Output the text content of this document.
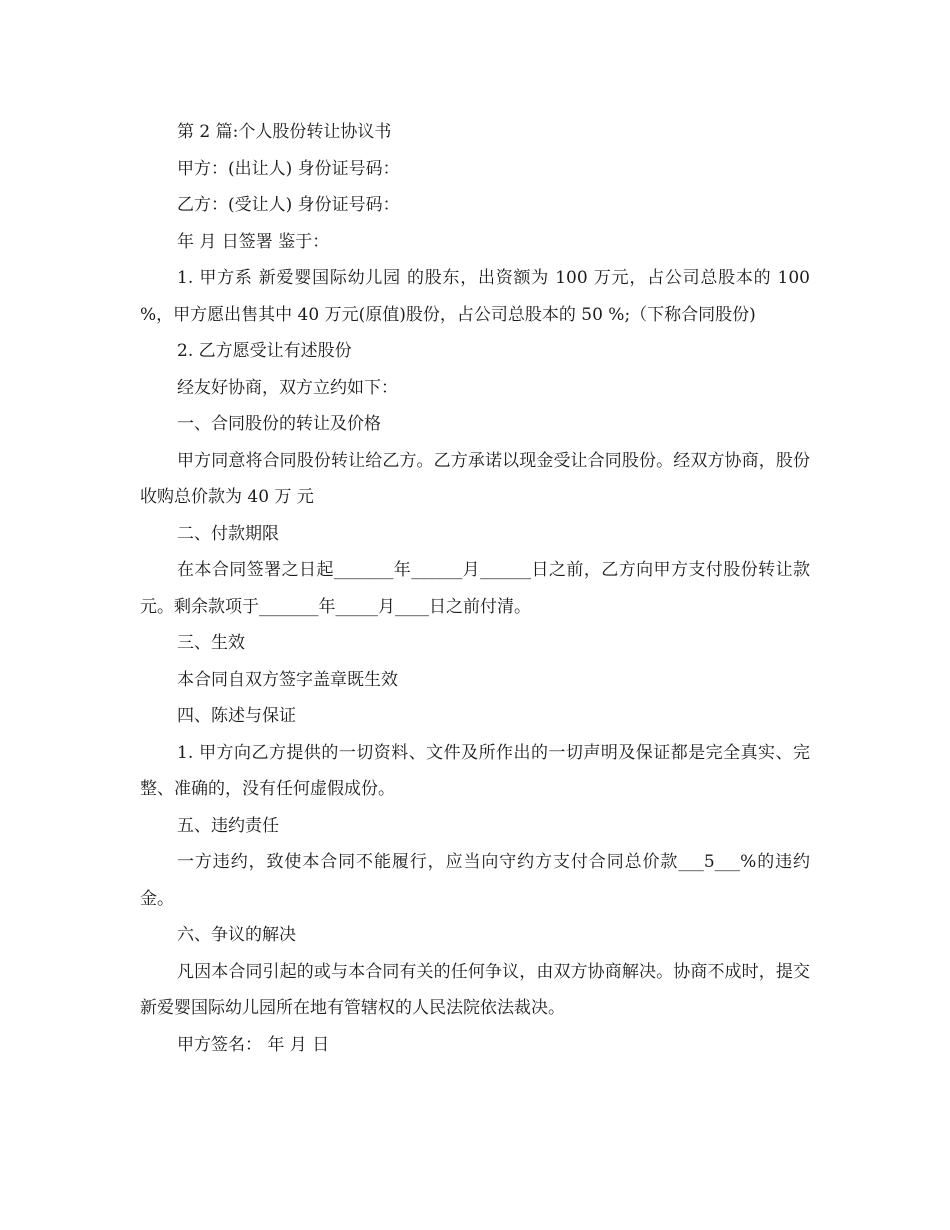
第 2 篇:个人股份转让协议书

甲方：(出让人) 身份证号码：

乙方：(受让人) 身份证号码：

年 月 日签署 鉴于：

1. 甲方系 新爱婴国际幼儿园 的股东，出资额为 100 万元，占公司总股本的 100 %，甲方愿出售其中 40 万元(原值)股份，占公司总股本的 50 %;（下称合同股份)

2. 乙方愿受让有述股份

经友好协商，双方立约如下：

一、合同股份的转让及价格

甲方同意将合同股份转让给乙方。乙方承诺以现金受让合同股份。经双方协商，股份收购总价款为 40 万 元

二、付款期限

在本合同签署之日起_______年______月______日之前，乙方向甲方支付股份转让款 元。剩余款项于_______年_____月____日之前付清。

三、生效

本合同自双方签字盖章既生效

四、陈述与保证

1. 甲方向乙方提供的一切资料、文件及所作出的一切声明及保证都是完全真实、完整、准确的，没有任何虚假成份。

五、违约责任

一方违约，致使本合同不能履行，应当向守约方支付合同总价款___5___%的违约金。

六、争议的解决

凡因本合同引起的或与本合同有关的任何争议，由双方协商解决。协商不成时，提交新爱婴国际幼儿园所在地有管辖权的人民法院依法裁决。

甲方签名： 年 月 日
